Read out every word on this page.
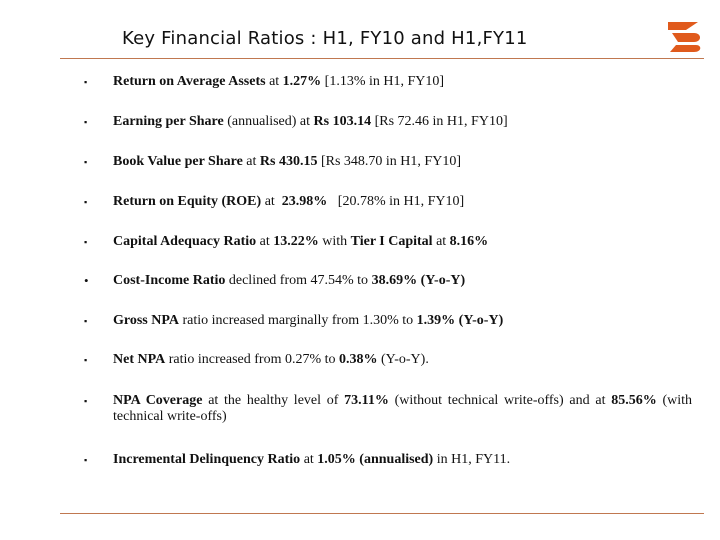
Key Financial Ratios : H1, FY10 and H1,FY11
▪	Return on Average Assets at 1.27% [1.13% in H1, FY10]
▪	Earning per Share (annualised) at Rs 103.14 [Rs 72.46 in H1, FY10]
▪	Book Value per Share at Rs 430.15 [Rs 348.70 in H1, FY10]
▪	Return on Equity (ROE) at  23.98%   [20.78% in H1, FY10]
▪	Capital Adequacy Ratio at 13.22% with Tier I Capital at 8.16%
•	Cost-Income Ratio declined from 47.54% to 38.69% (Y-o-Y)
▪	Gross NPA ratio increased marginally from 1.30% to 1.39% (Y-o-Y)
▪	Net NPA ratio increased from 0.27% to 0.38% (Y-o-Y).
▪	NPA Coverage at the healthy level of 73.11% (without technical write-offs) and at 85.56% (with technical write-offs)
▪	Incremental Delinquency Ratio at 1.05% (annualised) in H1, FY11.
